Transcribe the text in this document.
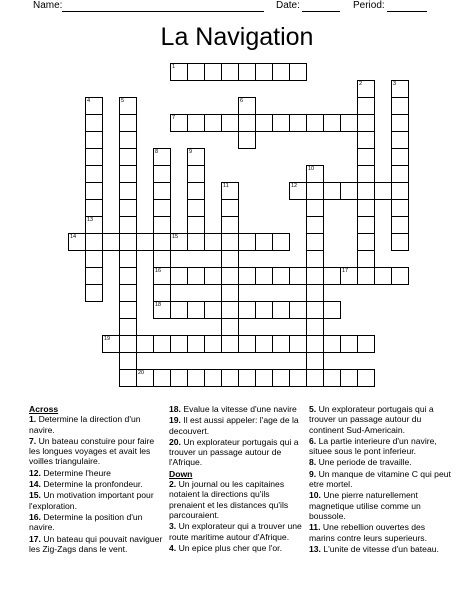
Name:	Date:	Period:
La Navigation
1
2	3
4
13
5	6
7
8
16
9
10
11	12
14	15
17
18
19
20

Across

1. Determine la direction d'un navire.

7. Un bateau constuire pour faire les longues voyages et avait les voilles triangulaire.

12. Determine l'heure

14. Determine la pronfondeur.

15. Un motivation important pour l'exploration.

16. Determine la position d'un navire.

17. Un bateau qui pouvait naviguer les Zig-Zags dans le vent.

18. Evalue la vitesse d'une navire

19. Il est aussi appeler: l'age de la decouvert.

20. Un explorateur portugais qui a trouver un passage autour de l'Afrique.

Down

2. Un journal ou les capitaines notaient la directions qu'ils prenaient et les distances qu'ils parcouraient.

3. Un explorateur qui a trouver une route maritime autour d'Afrique.

4. Un epice plus cher que l'or.

5. Un explorateur portugais qui a trouver un passage autour du continent Sud-Americain.

6. La partie interieure d'un navire, situee sous le pont inferieur.

8. Une periode de travaille.

9. Un manque de vitamine C qui peut etre mortel.

10. Une pierre naturellement magnetique utilise comme un boussole.

11. Une rebellion ouvertes des marins contre leurs superieurs.

13. L'unite de vitesse d'un bateau.
